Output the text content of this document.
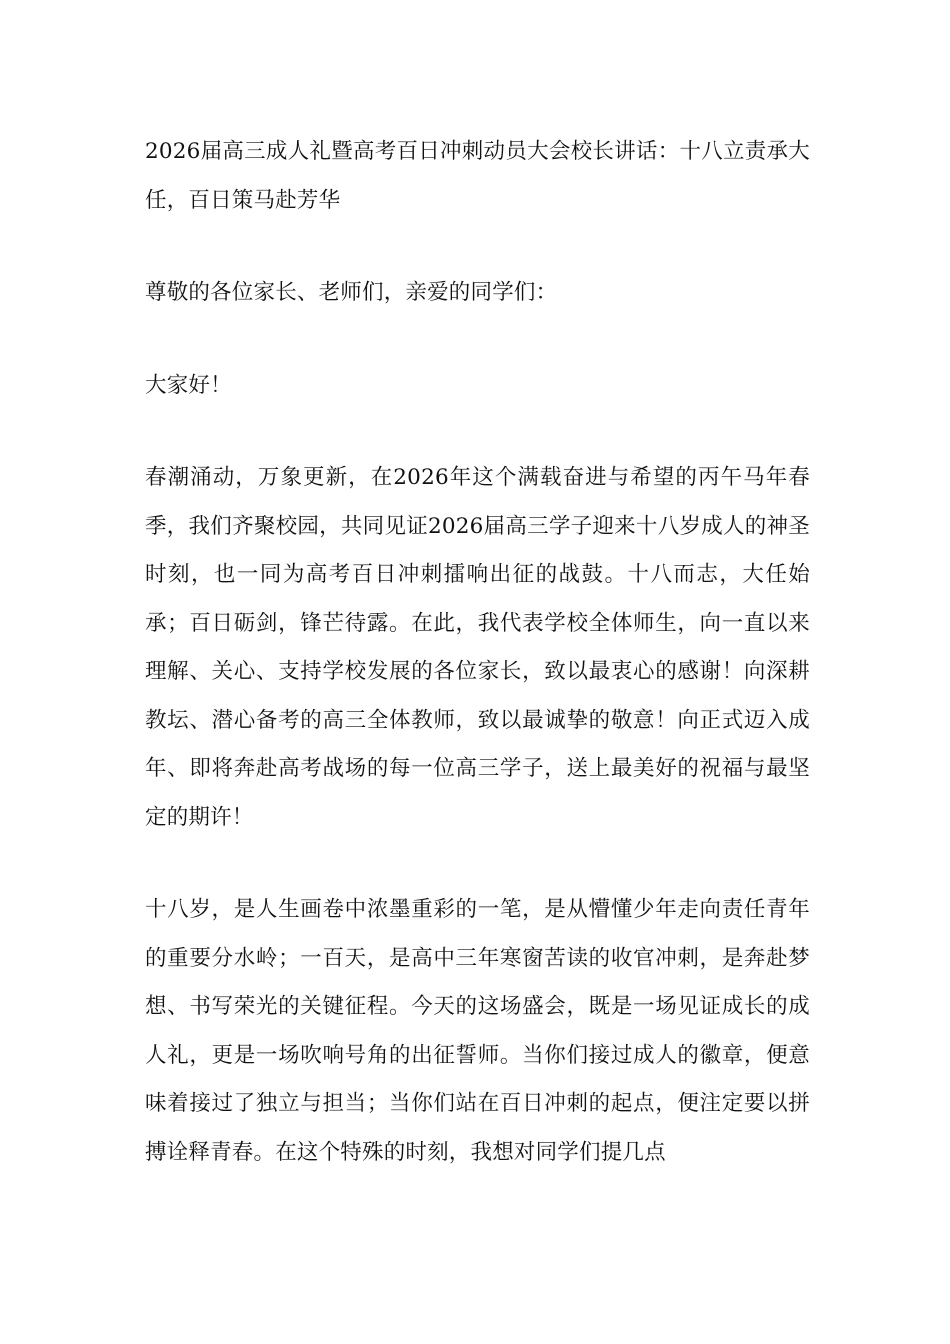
2026届高三成人礼暨高考百日冲刺动员大会校长讲话：十八立责承大任，百日策马赴芳华

尊敬的各位家长、老师们，亲爱的同学们：

大家好！

春潮涌动，万象更新，在2026年这个满载奋进与希望的丙午马年春季，我们齐聚校园，共同见证2026届高三学子迎来十八岁成人的神圣时刻，也一同为高考百日冲刺擂响出征的战鼓。十八而志，大任始承；百日砺剑，锋芒待露。在此，我代表学校全体师生，向一直以来理解、关心、支持学校发展的各位家长，致以最衷心的感谢！向深耕教坛、潜心备考的高三全体教师，致以最诚挚的敬意！向正式迈入成年、即将奔赴高考战场的每一位高三学子，送上最美好的祝福与最坚定的期许！

十八岁，是人生画卷中浓墨重彩的一笔，是从懵懂少年走向责任青年的重要分水岭；一百天，是高中三年寒窗苦读的收官冲刺，是奔赴梦想、书写荣光的关键征程。今天的这场盛会，既是一场见证成长的成人礼，更是一场吹响号角的出征誓师。当你们接过成人的徽章，便意味着接过了独立与担当；当你们站在百日冲刺的起点，便注定要以拼搏诠释青春。在这个特殊的时刻，我想对同学们提几点
